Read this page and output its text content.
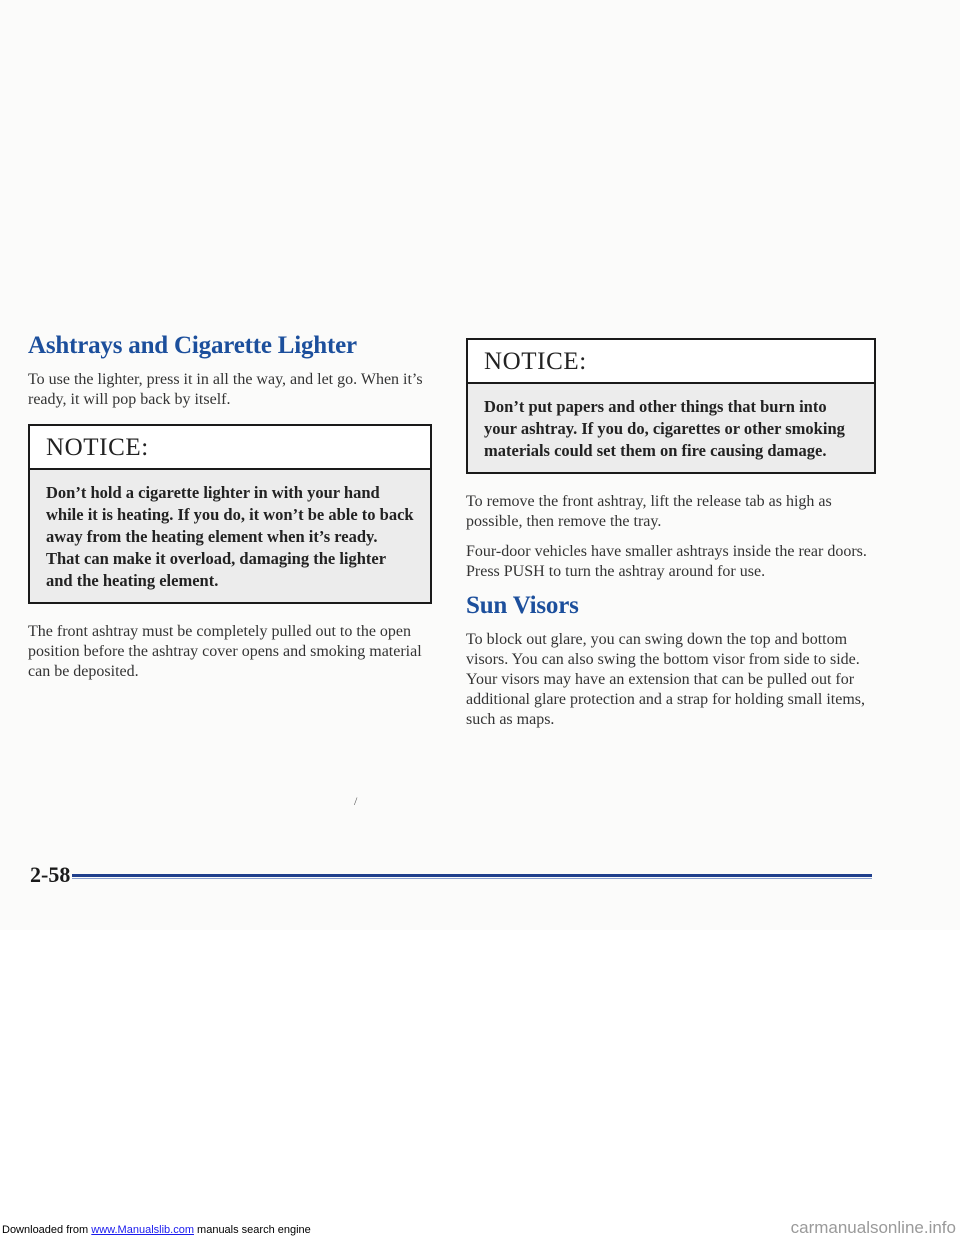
Ashtrays and Cigarette Lighter

To use the lighter, press it in all the way, and let go. When it’s ready, it will pop back by itself.

NOTICE:
Don’t hold a cigarette lighter in with your hand while it is heating. If you do, it won’t be able to back away from the heating element when it’s ready. That can make it overload, damaging the lighter and the heating element.

The front ashtray must be completely pulled out to the open position before the ashtray cover opens and smoking material can be deposited.

NOTICE:
Don’t put papers and other things that burn into your ashtray. If you do, cigarettes or other smoking materials could set them on fire causing damage.

To remove the front ashtray, lift the release tab as high as possible, then remove the tray.

Four-door vehicles have smaller ashtrays inside the rear doors. Press PUSH to turn the ashtray around for use.

Sun Visors

To block out glare, you can swing down the top and bottom visors. You can also swing the bottom visor from side to side. Your visors may have an extension that can be pulled out for additional glare protection and a strap for holding small items, such as maps.

/
2-58
Downloaded from www.Manualslib.com manuals search engine	carmanualsonline.info
